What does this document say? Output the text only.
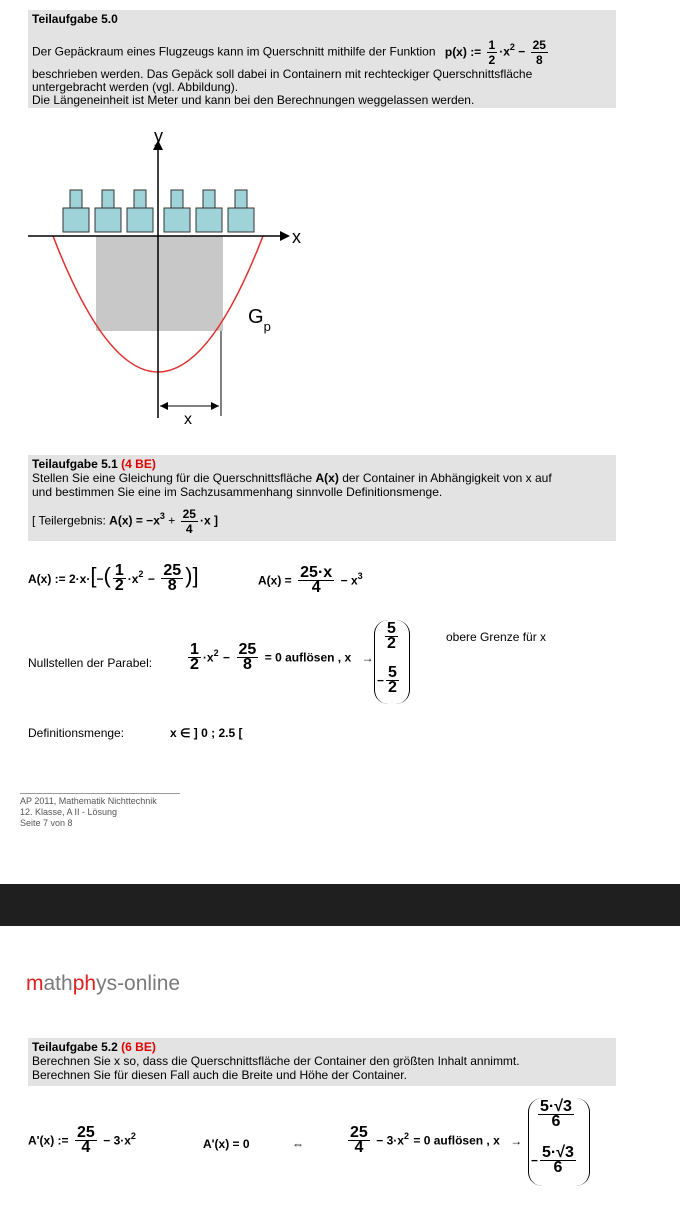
Teilaufgabe 5.0
Der Gepäckraum eines Flugzeugs kann im Querschnitt mithilfe der Funktion p(x) := $\frac{1}{2} \cdot x^2 - \frac{25}{8}$
beschrieben werden. Das Gepäck soll dabei in Containern mit rechteckiger Querschnittsfläche
untergebracht werden (vgl. Abbildung).
Die Längeneinheit ist Meter und kann bei den Berechnungen weggelassen werden.
y
x
$G_p$
x
Teilaufgabe 5.1 (4 BE)
Stellen Sie eine Gleichung für die Querschnittsfläche A(x) der Container in Abhängigkeit von x auf
und bestimmen Sie eine im Sachzusammenhang sinnvolle Definitionsmenge.
[ Teilergebnis: $A(x) = -x^3 + \frac{25}{4} \cdot x$ ]
A(x) := $2\cdot x\cdot[-( \frac{1}{2} \cdot x^2 - \frac{25}{8}$ )]	$A(x) = \frac{25\cdot x}{4} - x^3$
Nullstellen der Parabel: $\frac{1}{2} \cdot x^2 - \frac{25}{8} = 0$ auflösen , x →
$\frac{5}{2}$
− $\frac{5}{2}$
obere Grenze für x
Definitionsmenge:	x ∈ ] 0 ; 2.5 [
AP 2011, Mathematik Nichttechnik
12. Klasse, A II - Lösung
Seite 7 von 8
mathphys-online
Teilaufgabe 5.2 (6 BE)
Berechnen Sie x so, dass die Querschnittsfläche der Container den größten Inhalt annimmt.
Berechnen Sie für diesen Fall auch die Breite und Höhe der Container.
A'(x) := $\frac{25}{4} - 3\cdot x^2$
A'(x) = 0	⇔	$\frac{25}{4} - 3\cdot x^2 = 0$ auflösen , x →
$\frac{5\cdot√3}{6}$
− $\frac{5\cdot√3}{6}$
